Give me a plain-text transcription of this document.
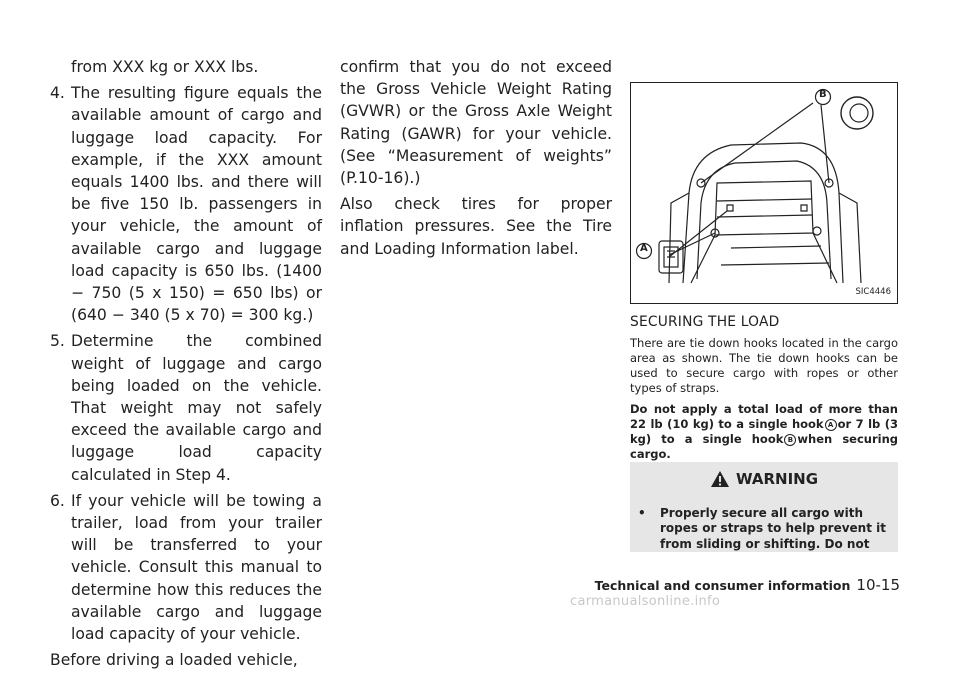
from XXX kg or XXX lbs.

4. The resulting figure equals the available amount of cargo and luggage load capacity. For example, if the XXX amount equals 1400 lbs. and there will be five 150 lb. passengers in your vehicle, the amount of available cargo and luggage load capacity is 650 lbs. (1400 − 750 (5 x 150) = 650 lbs) or (640 − 340 (5 x 70) = 300 kg.)
5. Determine the combined weight of luggage and cargo being loaded on the vehicle. That weight may not safely exceed the available cargo and luggage load capacity calculated in Step 4.
6. If your vehicle will be towing a trailer, load from your trailer will be transferred to your vehicle. Consult this manual to determine how this reduces the available cargo and luggage load capacity of your vehicle.

Before driving a loaded vehicle,

confirm that you do not exceed the Gross Vehicle Weight Rating (GVWR) or the Gross Axle Weight Rating (GAWR) for your vehicle. (See “Measurement of weights” (P.10-16).)

Also check tires for proper inflation pressures. See the Tire and Loading Information label.

B
A
SIC4446
SECURING THE LOAD

There are tie down hooks located in the cargo area as shown. The tie down hooks can be used to secure cargo with ropes or other types of straps.

Do not apply a total load of more than 22 lb (10 kg) to a single hook A or 7 lb (3 kg) to a single hook B when securing cargo.

WARNING
•	Properly secure all cargo with ropes or straps to help prevent it from sliding or shifting. Do not
Technical and consumer information 10-15
carmanualsonline.info
